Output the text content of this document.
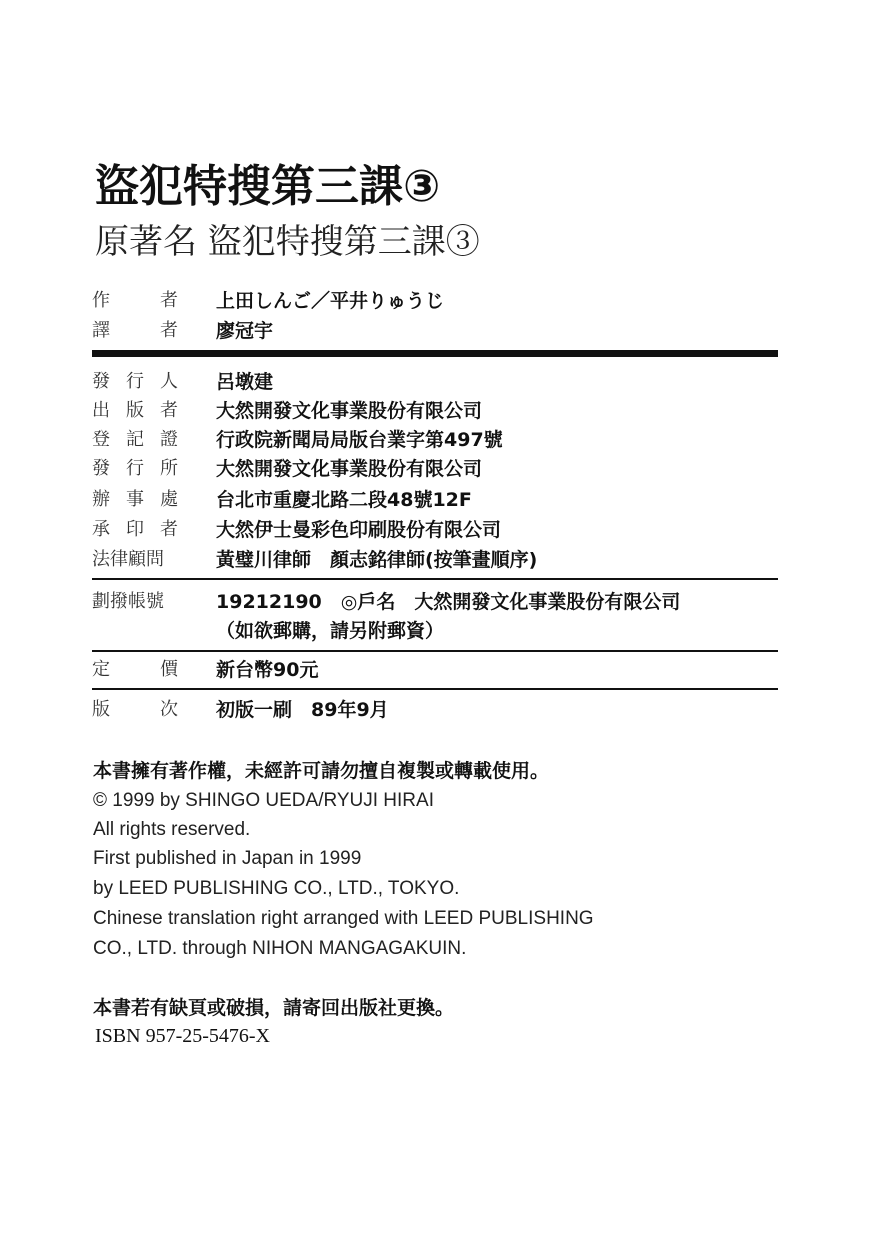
盜犯特搜第三課③
原著名 盜犯特搜第三課③
作　者 上田しんご／平井りゅうじ
譯　者 廖冠宇
發行人 呂墩建
出版者 大然開發文化事業股份有限公司
登記證 行政院新聞局局版台業字第497號
發行所 大然開發文化事業股份有限公司
辦事處 台北市重慶北路二段48號12F
承印者 大然伊士曼彩色印刷股份有限公司
法律顧問	黃璧川律師　顏志銘律師(按筆畫順序)
劃撥帳號	19212190　◎戶名　大然開發文化事業股份有限公司
（如欲郵購，請另附郵資）
定　價 新台幣90元
版　次 初版一刷　89年9月
本書擁有著作權，未經許可請勿擅自複製或轉載使用。
© 1999 by SHINGO UEDA/RYUJI HIRAI
All rights reserved.
First published in Japan in 1999
by LEED PUBLISHING CO., LTD., TOKYO.
Chinese translation right arranged with LEED PUBLISHING
CO., LTD. through NIHON MANGAGAKUIN.
本書若有缺頁或破損，請寄回出版社更換。
ISBN 957-25-5476-X
